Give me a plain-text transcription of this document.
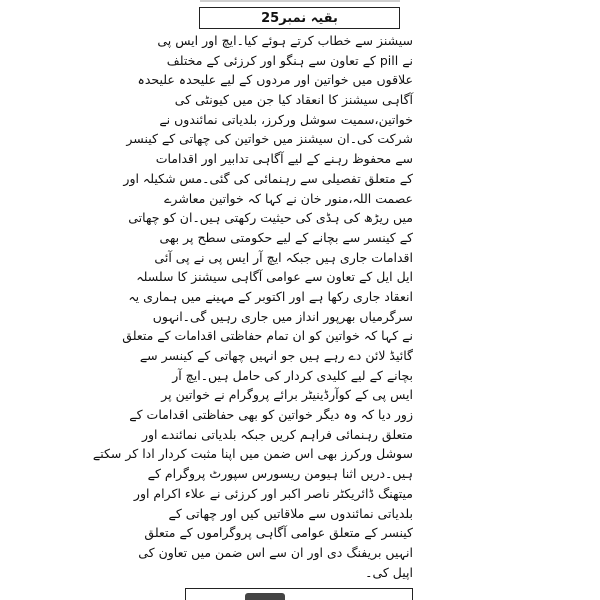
بقیہ نمبر25
سیشنز سے خطاب کرتے ہوئے کیا۔ایچ اور ایس پی
نے pill کے تعاون سے ہنگو اور کرزئی کے مختلف
علاقوں میں خواتین اور مردوں کے لیے علیحدہ علیحدہ
آگاہی سیشنز کا انعقاد کیا جن میں کیونٹی کی
خواتین،سمیت سوشل ورکرز، بلدیاتی نمائندوں نے
شرکت کی۔ان سیشنز میں خواتین کی چھاتی کے کینسر
سے محفوظ رہنے کے لیے آگاہی تدابیر اور اقدامات
کے متعلق تفصیلی سے رہنمائی کی گئی۔مس شکیلہ اور
عصمت اللہ،منور خان نے کہا کہ خواتین معاشرے
میں ریڑھ کی ہڈی کی حیثیت رکھتی ہیں۔ان کو چھاتی
کے کینسر سے بچانے کے لیے حکومتی سطح پر بھی
اقدامات جاری ہیں جبکہ ایچ آر ایس پی نے پی آئی
ایل ایل کے تعاون سے عوامی آگاہی سیشنز کا سلسلہ
انعقاد جاری رکھا ہے اور اکتوبر کے مہینے میں ہماری یہ
سرگرمیاں بھرپور انداز میں جاری رہیں گی۔انہوں
نے کہا کہ خواتین کو ان تمام حفاظتی اقدامات کے متعلق
گائیڈ لائن دے رہے ہیں جو انہیں چھاتی کے کینسر سے
بچانے کے لیے کلیدی کردار کی حامل ہیں۔ایچ آر
ایس پی کے کوآرڈینیٹر برائے پروگرام نے خواتین پر
زور دیا کہ وہ دیگر خواتین کو بھی حفاظتی اقدامات کے
متعلق رہنمائی فراہم کریں جبکہ بلدیاتی نمائندے اور
سوشل ورکرز بھی اس ضمن میں اپنا مثبت کردار ادا کر سکتے
ہیں۔دریں اثنا ہیومن ریسورس سپورٹ پروگرام کے
میتھنگ ڈائریکٹر ناصر اکبر اور کرزئی نے علاء اکرام اور
بلدیاتی نمائندوں سے ملاقاتیں کیں اور چھاتی کے
کینسر کے متعلق عوامی آگاہی پروگراموں کے متعلق
انہیں بریفنگ دی اور ان سے اس ضمن میں تعاون کی
اپیل کی۔
